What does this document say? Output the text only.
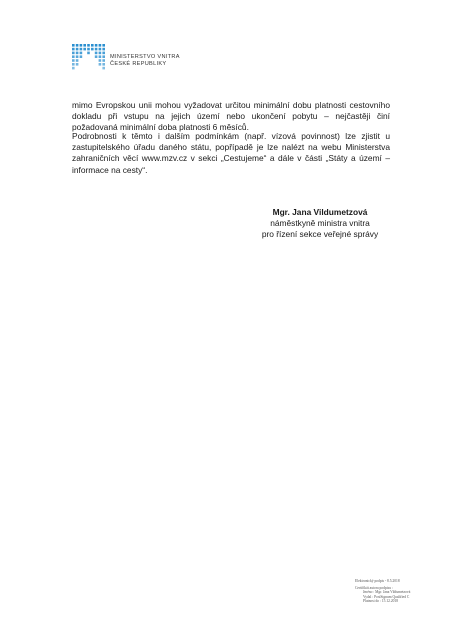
MINISTERSTVO VNITRA
ČESKÉ REPUBLIKY
mimo Evropskou unii mohou vyžadovat určitou minimální dobu platnosti cestovního dokladu při vstupu na jejich území nebo ukončení pobytu – nejčastěji činí požadovaná minimální doba platnosti 6 měsíců.
Podrobnosti k těmto i dalším podmínkám (např. vízová povinnost) lze zjistit u zastupitelského úřadu daného státu, popřípadě je lze nalézt na webu Ministerstva zahraničních věcí www.mzv.cz v sekci „Cestujeme“ a dále v části „Státy a území – informace na cesty“.
Mgr. Jana Vildumetzová
náměstkyně ministra vnitra
pro řízení sekce veřejné správy
Elektronický podpis - 8.5.2018
Certifikát autora podpisu :
Jméno : Mgr. Jana Vildumetzová
Vydal : PostSignum Qualified C
Platnost do : 15.12.2018
